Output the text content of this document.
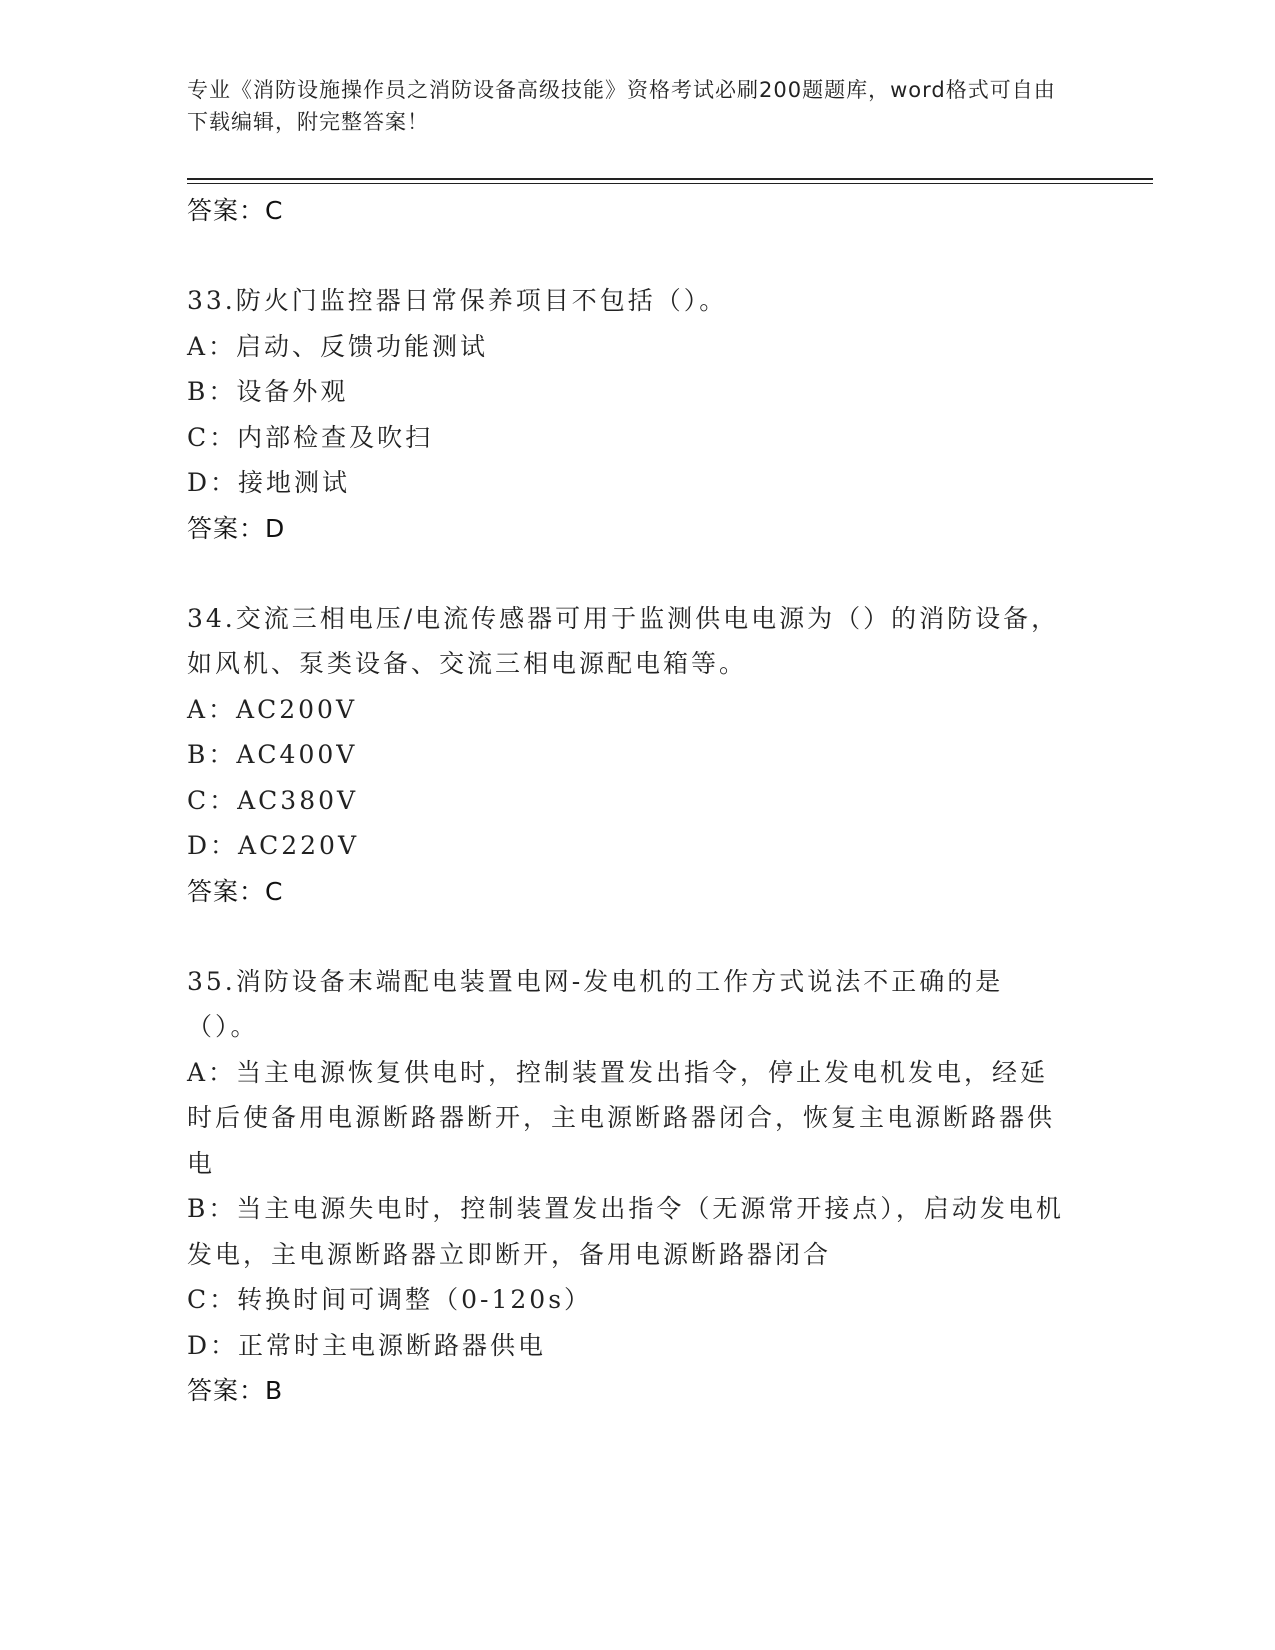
专业《消防设施操作员之消防设备高级技能》资格考试必刷200题题库，word格式可自由下载编辑，附完整答案！
答案：C
33.防火门监控器日常保养项目不包括（）。
A：启动、反馈功能测试
B：设备外观
C：内部检查及吹扫
D：接地测试
答案：D
34.交流三相电压/电流传感器可用于监测供电电源为（）的消防设备，如风机、泵类设备、交流三相电源配电箱等。
A：AC200V
B：AC400V
C：AC380V
D：AC220V
答案：C
35.消防设备末端配电装置电网-发电机的工作方式说法不正确的是（）。
A：当主电源恢复供电时，控制装置发出指令，停止发电机发电，经延时后使备用电源断路器断开，主电源断路器闭合，恢复主电源断路器供电
B：当主电源失电时，控制装置发出指令（无源常开接点），启动发电机发电，主电源断路器立即断开，备用电源断路器闭合
C：转换时间可调整（0-120s）
D：正常时主电源断路器供电
答案：B
